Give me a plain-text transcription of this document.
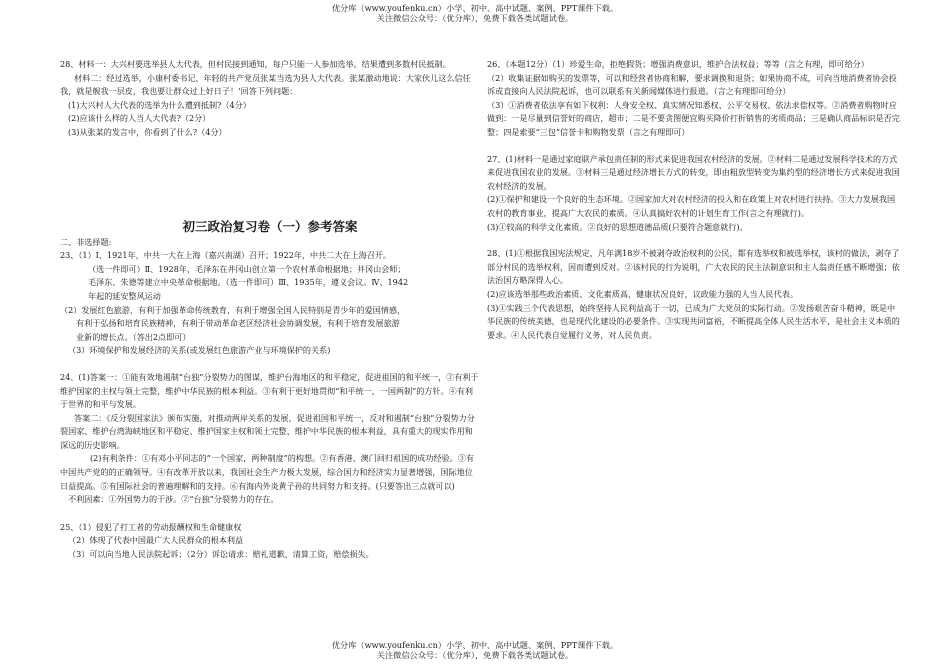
优分库（www.youfenku.cn）小学、初中、高中试题、案例、PPT课件下载。
关注微信公众号：（优分库），免费下载各类试题试卷。

28、材料一：大兴村要选举县人大代表，但村民接到通知，每户只能一人参加选举。结果遭到多数村民抵制。

材料二：经过选举，小康村委书记、年轻的共产党员张某当选为县人大代表。张某激动地说：大家伙儿这么信任我，就是舰我一层皮，我也要让群众过上好日子！’回答下列问题：

(1)大兴村人大代表的选举为什么遭到抵制?（4分）

(2)应该什么样的人当人大代表?（2分）

(3)从张某的发言中，你看到了什么?（4分）

初三政治复习卷（一）参考答案

二、非选择题:

23、（1）Ⅰ、1921年，中共一大在上海（嘉兴南湖）召开；1922年，中共二大在上海召开。

（选一件即可）Ⅱ、1928年，毛泽东在井冈山创立第一个农村革命根据地；井冈山会师；

毛泽东、朱德等建立中央革命根据地。（选一件即可）Ⅲ、1935年，遵义会议。Ⅳ、1942

年起的延安整风运动

（2）发展红色旅游，有利于加强革命传统教育，有利于增强全国人民特别是青少年的爱国情感，

有利于弘扬和培育民族精神，有利于带动革命老区经济社会协调发展，有利于培育发展旅游

业新的增长点。（答出2点即可）

（3）环境保护和发展经济的关系(或发展红色旅游产业与环境保护的关系)

24、(1)答案一：①能有效地遏制“台独”分裂势力的图谋，维护台海地区的和平稳定，促进祖国的和平统一，②有利于维护国家的主权与领土完整，维护中华民族的根本利益。③有利于更好地贯彻“和平统一，一国两制”的方针。④有利于世界的和平与发展。

答案二：《反分裂国家法》颁布实施，对推动两岸关系的发展，促进祖国和平统一，反对和遏制“台独”分裂势力分裂国家、维护台湾海峡地区和平稳定、维护国家主权和领土完整、维护中华民族的根本利益，具有重大的现实作用和深远的历史影响。

(2)有利条件：①有邓小平同志的“一个国家，两种制度”的构想。②有香港、澳门回归祖国的成功经验。③有中国共产党的的正确领导。④有改革开放以来，我国社会生产力极大发展，综合国力和经济实力显著增强，国际地位日益提高。⑤有国际社会的普遍理解和的支持。⑥有海内外炎黄子孙的共同努力和支持。(只要答出三点就可以)

不利因素：①外国势力的干涉。②“台独”分裂势力的存在。

25、（1）侵犯了打工者的劳动报酬权和生命健康权

（2）体现了代表中国最广大人民群众的根本利益

（3）可以向当地人民法院起诉；（2分）诉讼请求：赔礼道歉，清算工资，赔偿损失。

26、（本题12分）（1）珍爱生命，拒绝假货；增强消费意识，维护合法权益；等等（言之有理，即可给分）

（2）收集证据如购买的发票等，可以和经营者协商和解，要求调换和退货；如果协商不成，可向当地消费者协会投诉或直接向人民法院起诉，也可以联系有关新闻媒体进行报道。（言之有理即可给分）

（3）①消费者依法享有如下权利：人身安全权、真实情况知悉权、公平交易权、依法求偿权等。②消费者购物时应做到：一是尽量到信誉好的商店，超市；二是不要贪图便宜购买降价打折销售的劣质商品；三是确认商品标识是否完整；四是索要“三包”信誉卡和购物发票（言之有理即可）

27、(1)材料一是通过家庭联产承包责任制的形式来促进我国农村经济的发展。②材料二是通过发展科学技术的方式来促进我国农业的发展。③材料三是通过经济增长方式的转变，即由粗放型转变为集约型的经济增长方式来促进我国农村经济的发展。

(2)①保护和建设一个良好的生态环境。②国家加大对农村经济的投入和在政策上对农村进行扶持。③大力发展我国农村的教育事业，提高广大农民的素质。④认真搞好农村的计划生育工作(言之有理就行)。

(3)①较高的科学文化素质。②良好的思想道德品质(只要符合题意就行)。

28、(1)①根据我国宪法规定，凡年满18岁不被剥夺政治权利的公民，都有选举权和被选举权，该村的做法，剥夺了部分村民的选举权利，因而遭到反对。②该村民的行为说明，广大农民的民主法制意识和主人翁责任感不断增强；依法治国方略深得人心。

(2)应该选举那些政治素质、文化素质高，健康状况良好，议政能力强的人当人民代表。

(3)①实践三个代表思想，始终坚持人民利益高于一切，已成为广大党员的实际行动。②发扬艰苦奋斗精神，既是中华民族的传统美德，也是现代化建设的必要条件。③实现共同富裕，不断提高全体人民生活水平，是社会主义本质的要求。④人民代表自觉履行义务，对人民负责。

优分库（www.youfenku.cn）小学、初中、高中试题、案例、PPT课件下载。
关注微信公众号：（优分库），免费下载各类试题试卷。
